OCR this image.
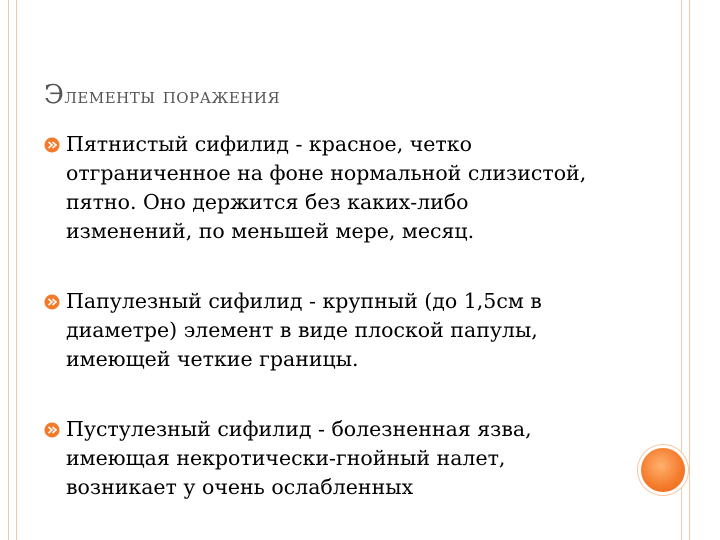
Элементы поражения
Пятнистый сифилид - красное, четко
отграниченное на фоне нормальной слизистой,
пятно. Оно держится без каких-либо
изменений, по меньшей мере, месяц.
Папулезный сифилид - крупный (до 1,5см в
диаметре) элемент в виде плоской папулы,
имеющей четкие границы.
Пустулезный сифилид - болезненная язва,
имеющая некротически-гнойный налет,
возникает у очень ослабленных
